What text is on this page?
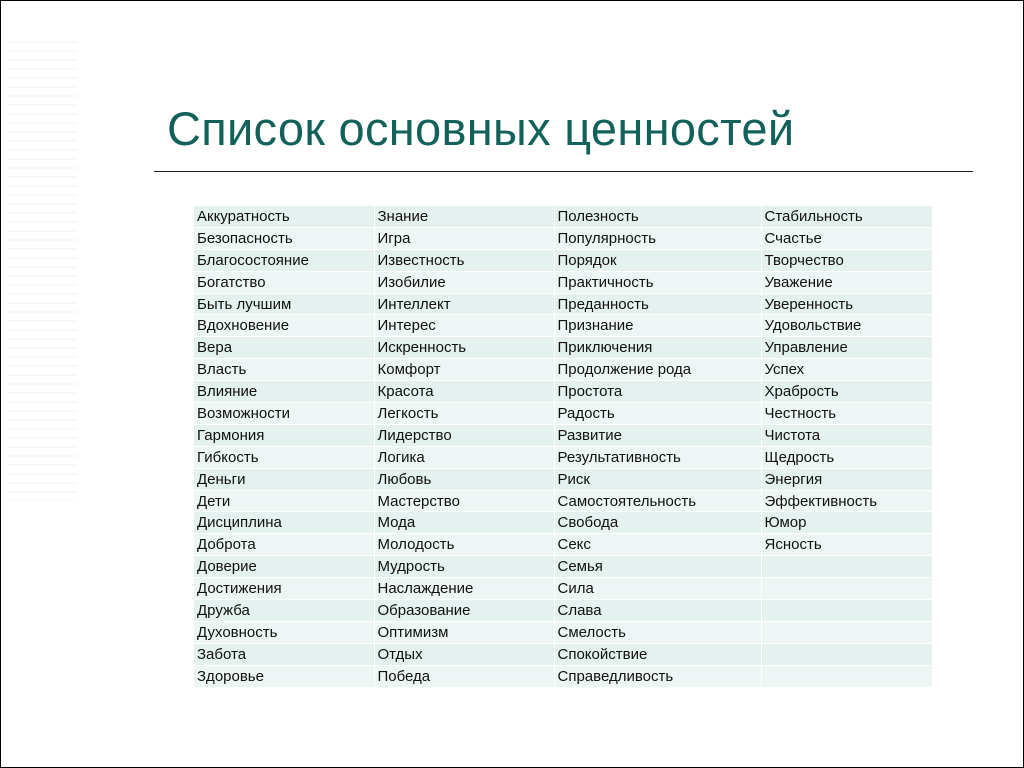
Список основных ценностей
Аккуратность	Знание	Полезность	Стабильность
Безопасность	Игра	Популярность	Счастье
Благосостояние	Известность	Порядок	Творчество
Богатство	Изобилие	Практичность	Уважение
Быть лучшим	Интеллект	Преданность	Уверенность
Вдохновение	Интерес	Признание	Удовольствие
Вера	Искренность	Приключения	Управление
Власть	Комфорт	Продолжение рода	Успех
Влияние	Красота	Простота	Храбрость
Возможности	Легкость	Радость	Честность
Гармония	Лидерство	Развитие	Чистота
Гибкость	Логика	Результативность	Щедрость
Деньги	Любовь	Риск	Энергия
Дети	Мастерство	Самостоятельность	Эффективность
Дисциплина	Мода	Свобода	Юмор
Доброта	Молодость	Секс	Ясность
Доверие	Мудрость	Семья	
Достижения	Наслаждение	Сила	
Дружба	Образование	Слава	
Духовность	Оптимизм	Смелость	
Забота	Отдых	Спокойствие	
Здоровье	Победа	Справедливость	
